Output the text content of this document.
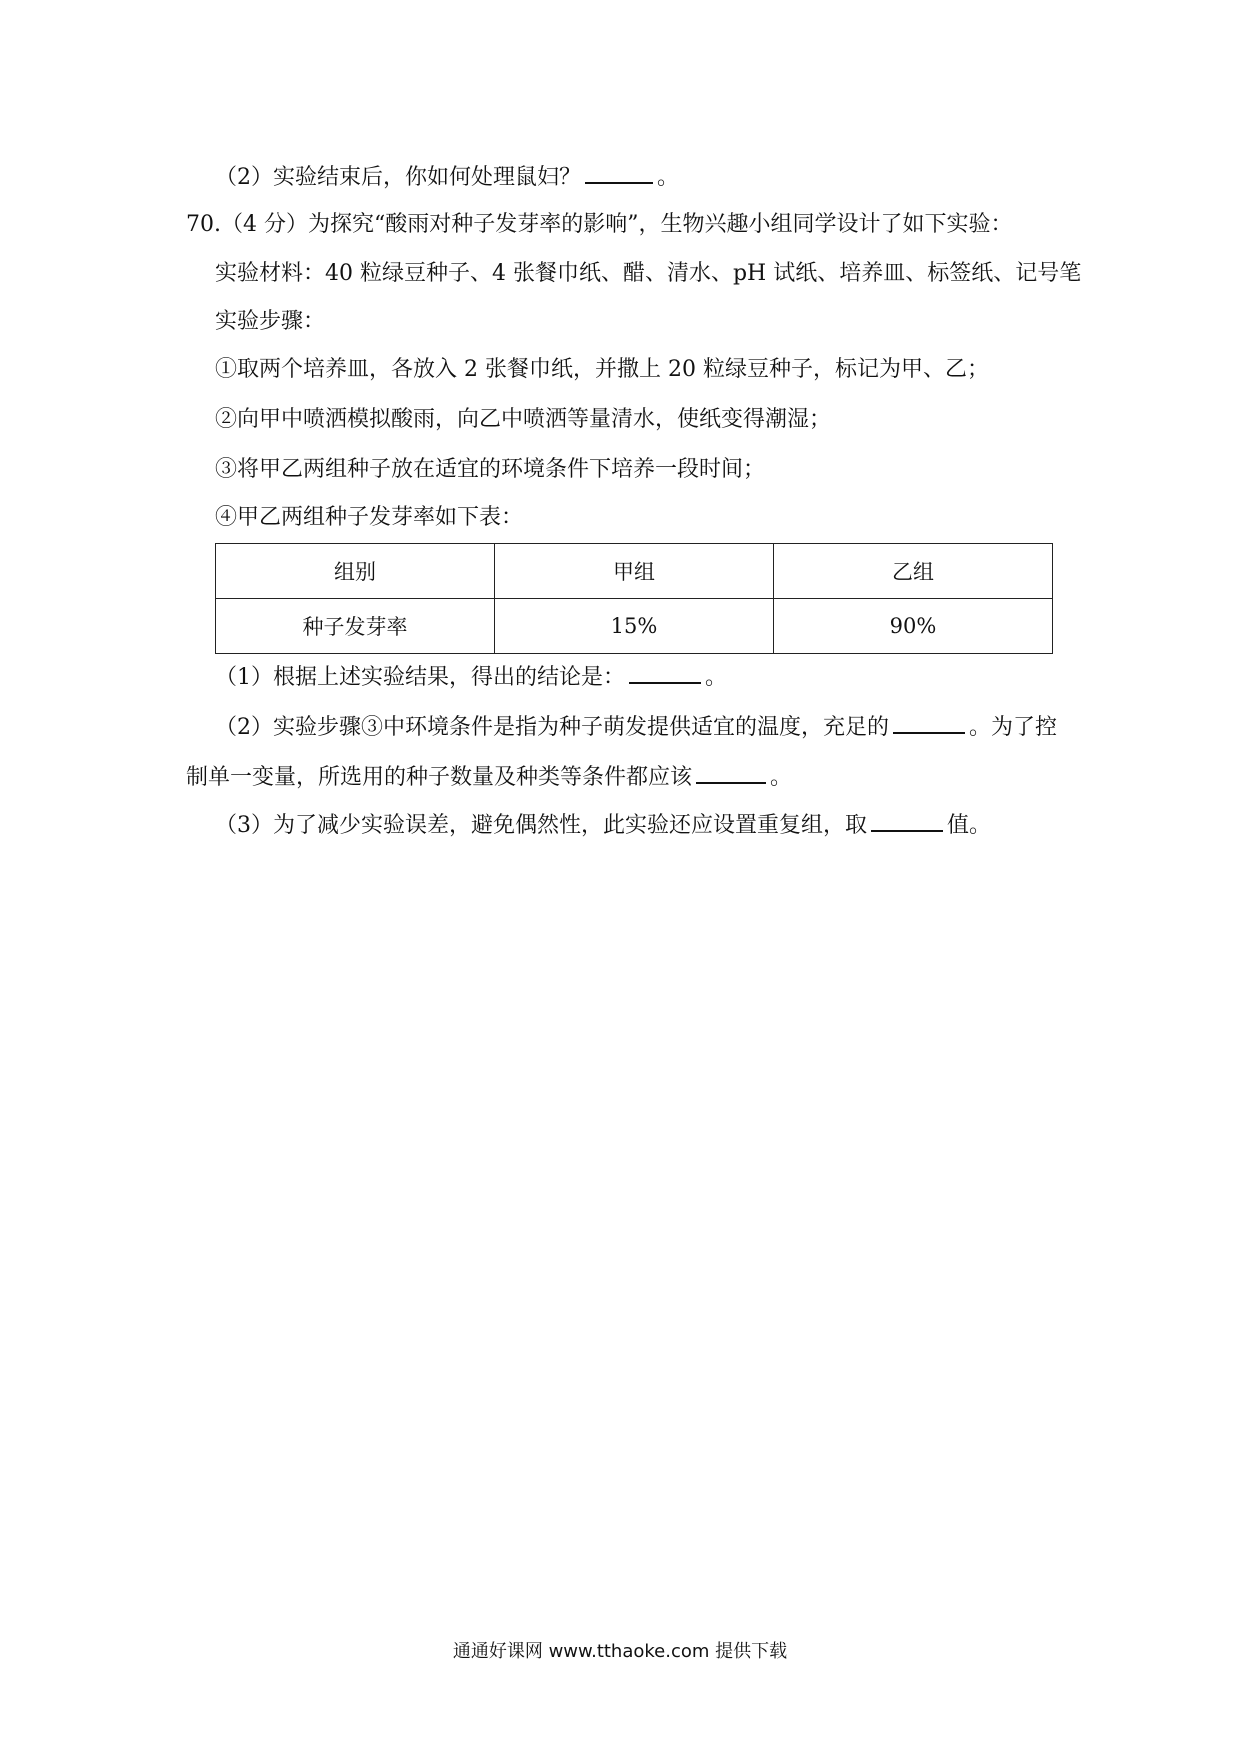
（2）实验结束后，你如何处理鼠妇？	。
70.（4 分）为探究“酸雨对种子发芽率的影响”，生物兴趣小组同学设计了如下实验：
实验材料：40 粒绿豆种子、4 张餐巾纸、醋、清水、pH 试纸、培养皿、标签纸、记号笔
实验步骤：
①取两个培养皿，各放入 2 张餐巾纸，并撒上 20 粒绿豆种子，标记为甲、乙；
②向甲中喷洒模拟酸雨，向乙中喷洒等量清水，使纸变得潮湿；
③将甲乙两组种子放在适宜的环境条件下培养一段时间；
④甲乙两组种子发芽率如下表：
组别	甲组	乙组
种子发芽率	15%	90%
（1）根据上述实验结果，得出的结论是：	。
（2）实验步骤③中环境条件是指为种子萌发提供适宜的温度，充足的	。为了控
制单一变量，所选用的种子数量及种类等条件都应该	。
（3）为了减少实验误差，避免偶然性，此实验还应设置重复组，取	值。
通通好课网 www.tthaoke.com 提供下载
